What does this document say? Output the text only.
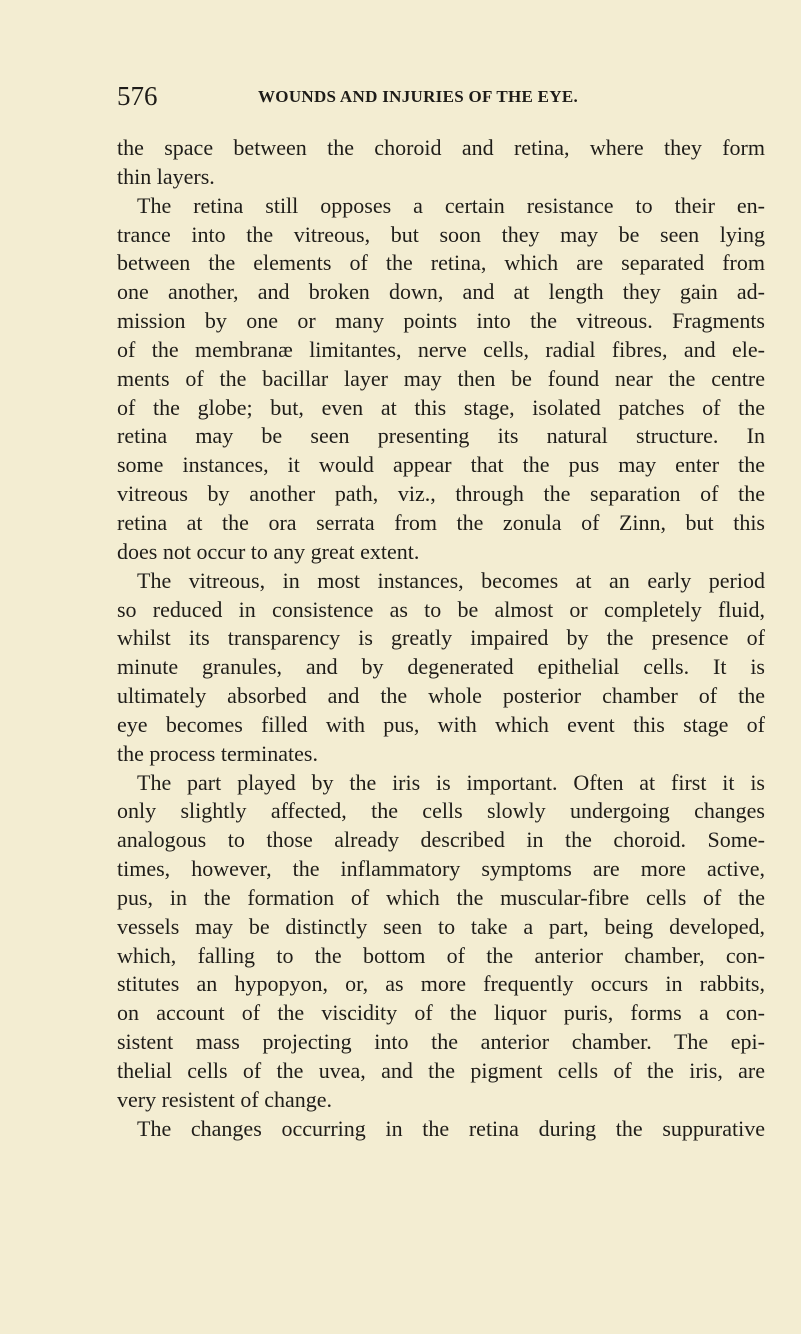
576	WOUNDS AND INJURIES OF THE EYE.
the space between the choroid and retina, where they form
thin layers.
The retina still opposes a certain resistance to their en-
trance into the vitreous, but soon they may be seen lying
between the elements of the retina, which are separated from
one another, and broken down, and at length they gain ad-
mission by one or many points into the vitreous. Fragments
of the membranæ limitantes, nerve cells, radial fibres, and ele-
ments of the bacillar layer may then be found near the centre
of the globe; but, even at this stage, isolated patches of the
retina may be seen presenting its natural structure. In
some instances, it would appear that the pus may enter the
vitreous by another path, viz., through the separation of the
retina at the ora serrata from the zonula of Zinn, but this
does not occur to any great extent.
The vitreous, in most instances, becomes at an early period
so reduced in consistence as to be almost or completely fluid,
whilst its transparency is greatly impaired by the presence of
minute granules, and by degenerated epithelial cells. It is
ultimately absorbed and the whole posterior chamber of the
eye becomes filled with pus, with which event this stage of
the process terminates.
The part played by the iris is important. Often at first it is
only slightly affected, the cells slowly undergoing changes
analogous to those already described in the choroid. Some-
times, however, the inflammatory symptoms are more active,
pus, in the formation of which the muscular-fibre cells of the
vessels may be distinctly seen to take a part, being developed,
which, falling to the bottom of the anterior chamber, con-
stitutes an hypopyon, or, as more frequently occurs in rabbits,
on account of the viscidity of the liquor puris, forms a con-
sistent mass projecting into the anterior chamber. The epi-
thelial cells of the uvea, and the pigment cells of the iris, are
very resistent of change.
The changes occurring in the retina during the suppurative
